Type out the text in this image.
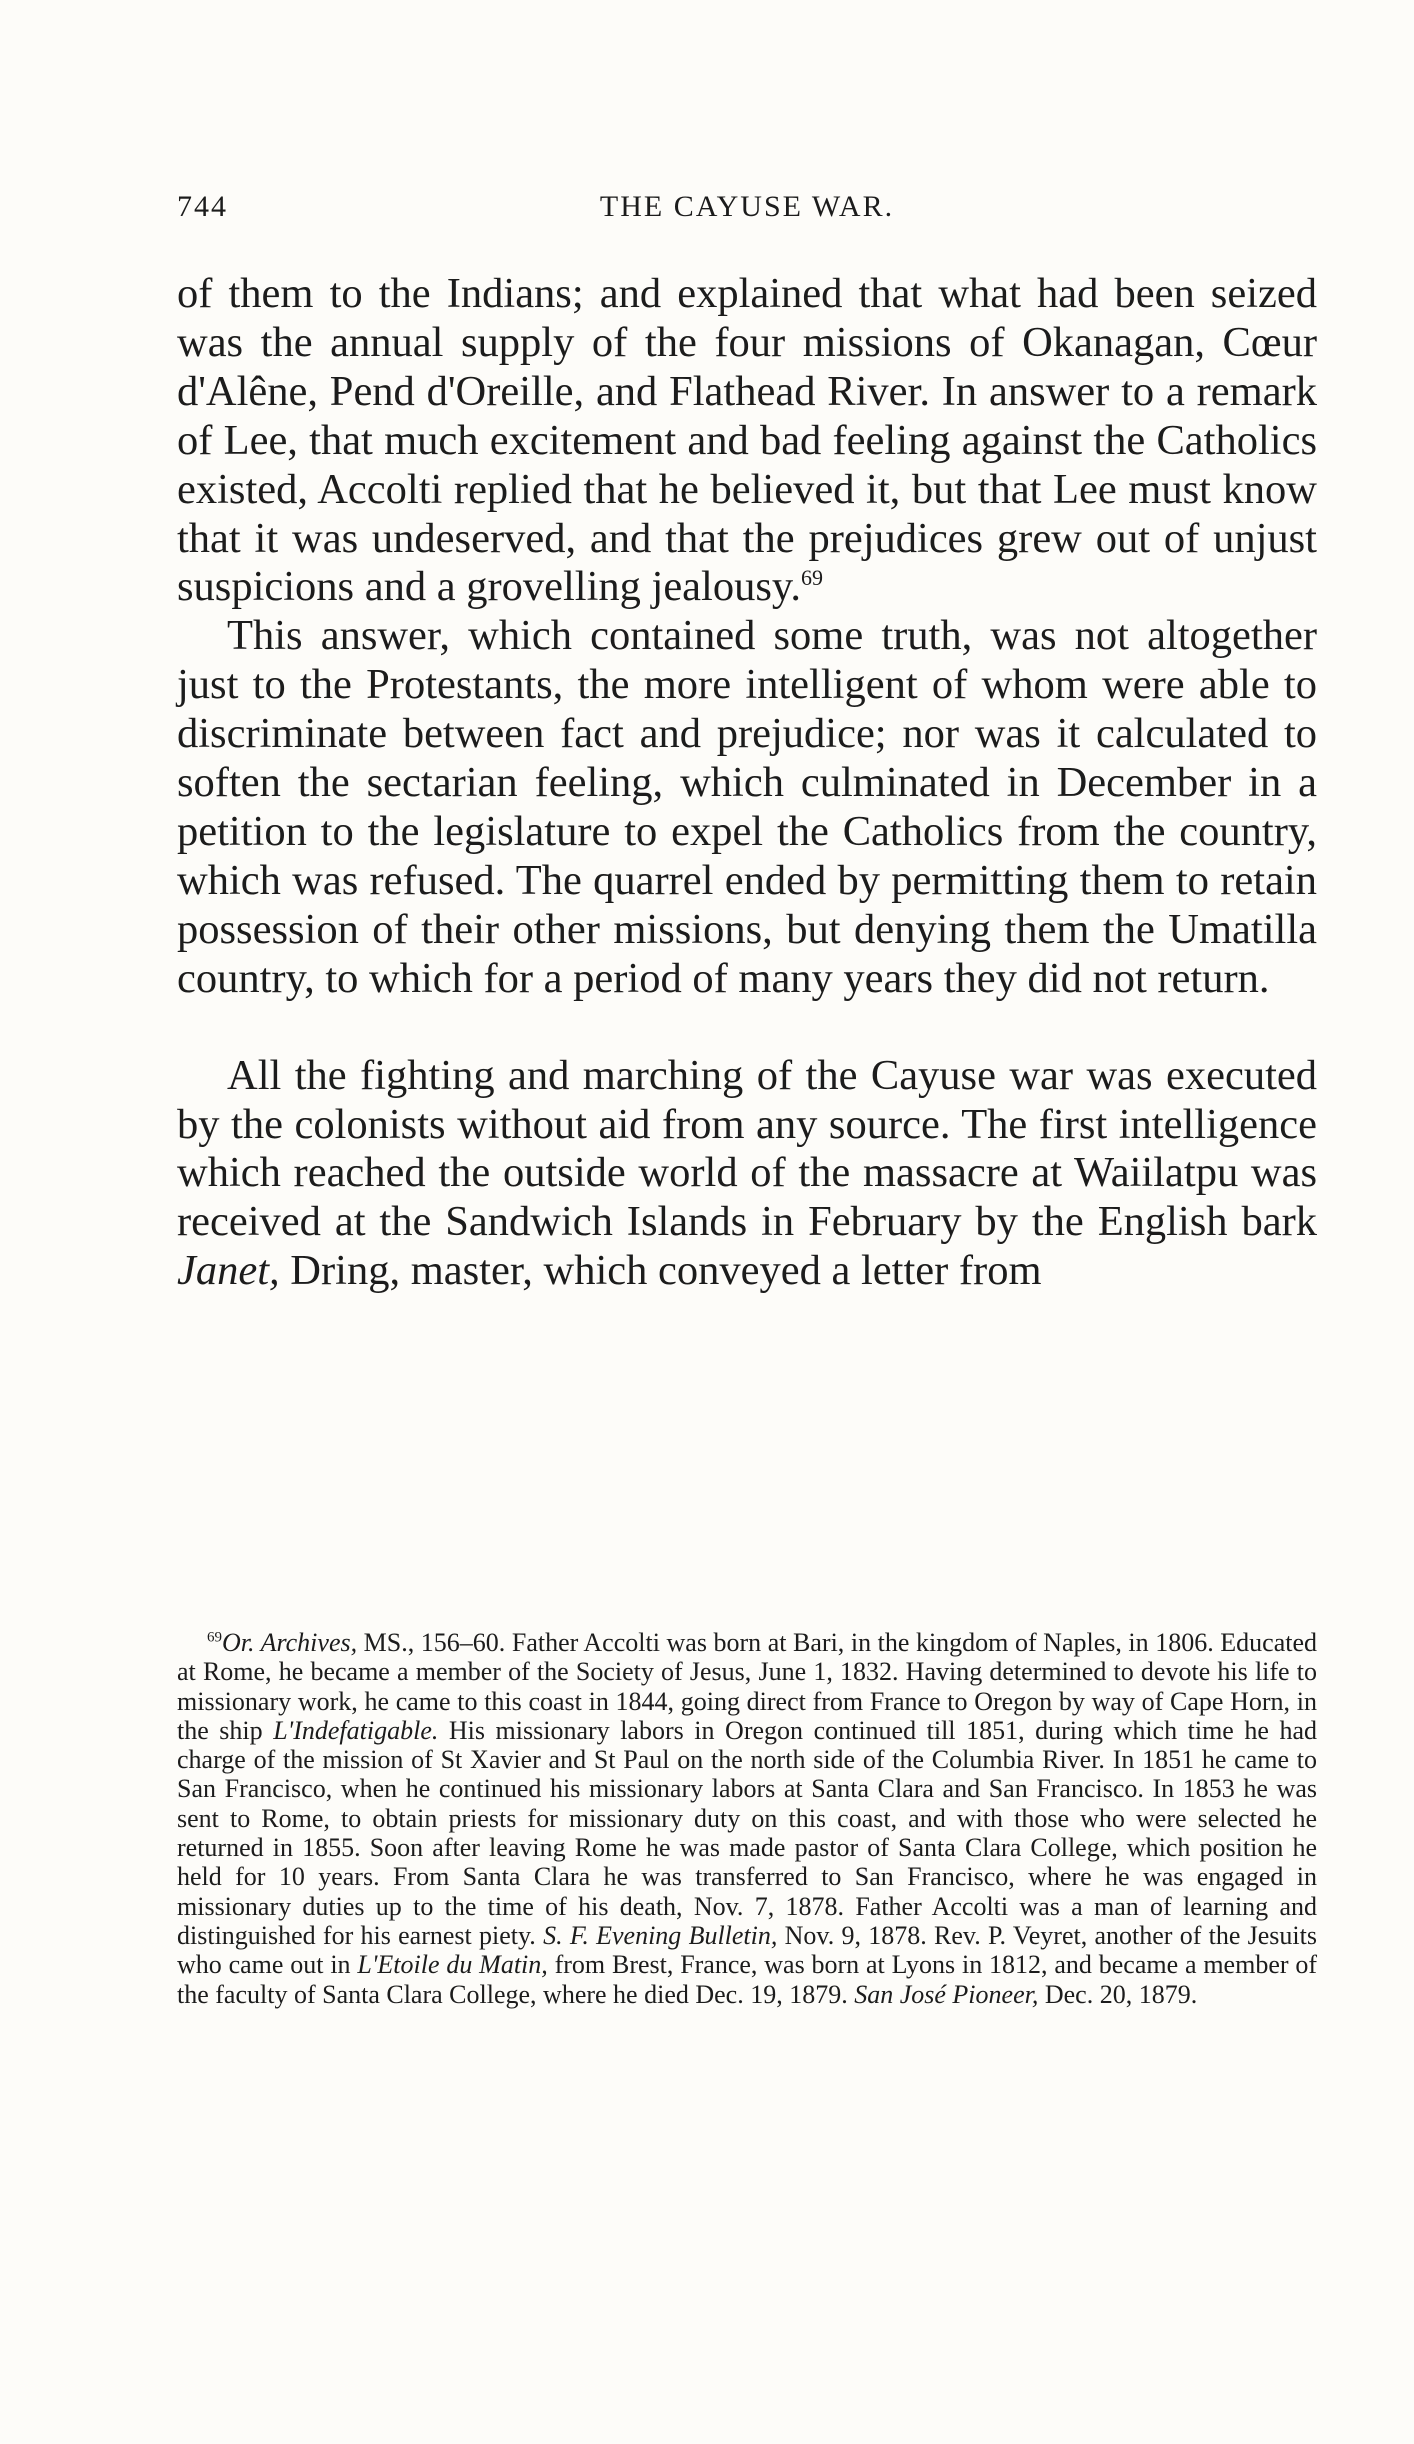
744	THE CAYUSE WAR.

of them to the Indians; and explained that what had been seized was the annual supply of the four missions of Okanagan, Cœur d'Alêne, Pend d'Oreille, and Flathead River. In answer to a remark of Lee, that much excitement and bad feeling against the Catholics existed, Accolti replied that he believed it, but that Lee must know that it was undeserved, and that the prejudices grew out of unjust suspicions and a grovelling jealousy.$^{69}$

This answer, which contained some truth, was not altogether just to the Protestants, the more intelligent of whom were able to discriminate between fact and prejudice; nor was it calculated to soften the sectarian feeling, which culminated in December in a petition to the legislature to expel the Catholics from the country, which was refused. The quarrel ended by permitting them to retain possession of their other missions, but denying them the Umatilla country, to which for a period of many years they did not return.

All the fighting and marching of the Cayuse war was executed by the colonists without aid from any source. The first intelligence which reached the outside world of the massacre at Waiilatpu was received at the Sandwich Islands in February by the English bark Janet, Dring, master, which conveyed a letter from

$^{69}$Or. Archives, MS., 156–60. Father Accolti was born at Bari, in the kingdom of Naples, in 1806. Educated at Rome, he became a member of the Society of Jesus, June 1, 1832. Having determined to devote his life to missionary work, he came to this coast in 1844, going direct from France to Oregon by way of Cape Horn, in the ship L'Indefatigable. His missionary labors in Oregon continued till 1851, during which time he had charge of the mission of St Xavier and St Paul on the north side of the Columbia River. In 1851 he came to San Francisco, when he continued his missionary labors at Santa Clara and San Francisco. In 1853 he was sent to Rome, to obtain priests for missionary duty on this coast, and with those who were selected he returned in 1855. Soon after leaving Rome he was made pastor of Santa Clara College, which position he held for 10 years. From Santa Clara he was transferred to San Francisco, where he was engaged in missionary duties up to the time of his death, Nov. 7, 1878. Father Accolti was a man of learning and distinguished for his earnest piety. S. F. Evening Bulletin, Nov. 9, 1878. Rev. P. Veyret, another of the Jesuits who came out in L'Etoile du Matin, from Brest, France, was born at Lyons in 1812, and became a member of the faculty of Santa Clara College, where he died Dec. 19, 1879. San José Pioneer, Dec. 20, 1879.
